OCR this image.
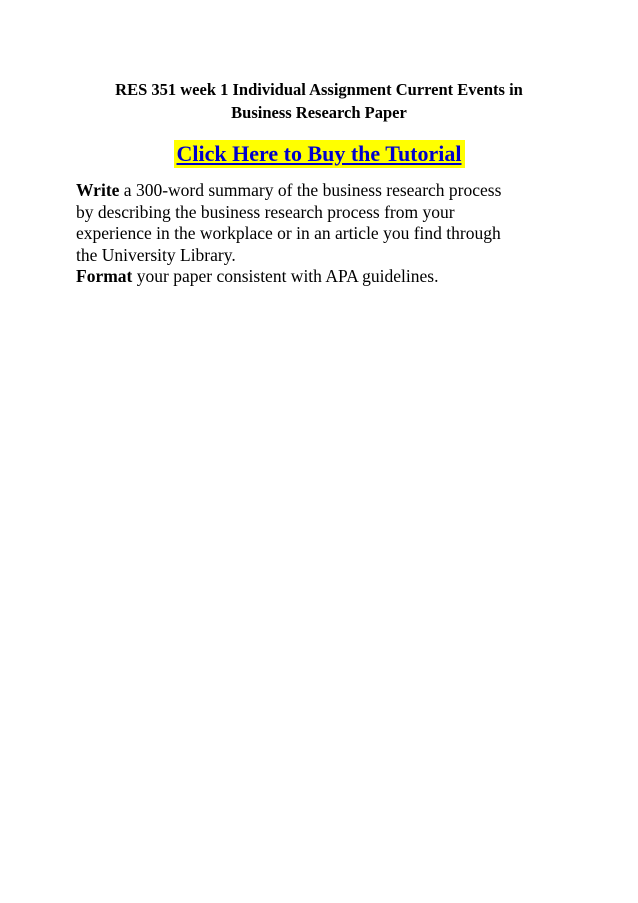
RES 351 week 1 Individual Assignment Current Events in
Business Research Paper
Click Here to Buy the Tutorial

Write a 300-word summary of the business research process
by describing the business research process from your
experience in the workplace or in an article you find through
the University Library.

Format your paper consistent with APA guidelines.
